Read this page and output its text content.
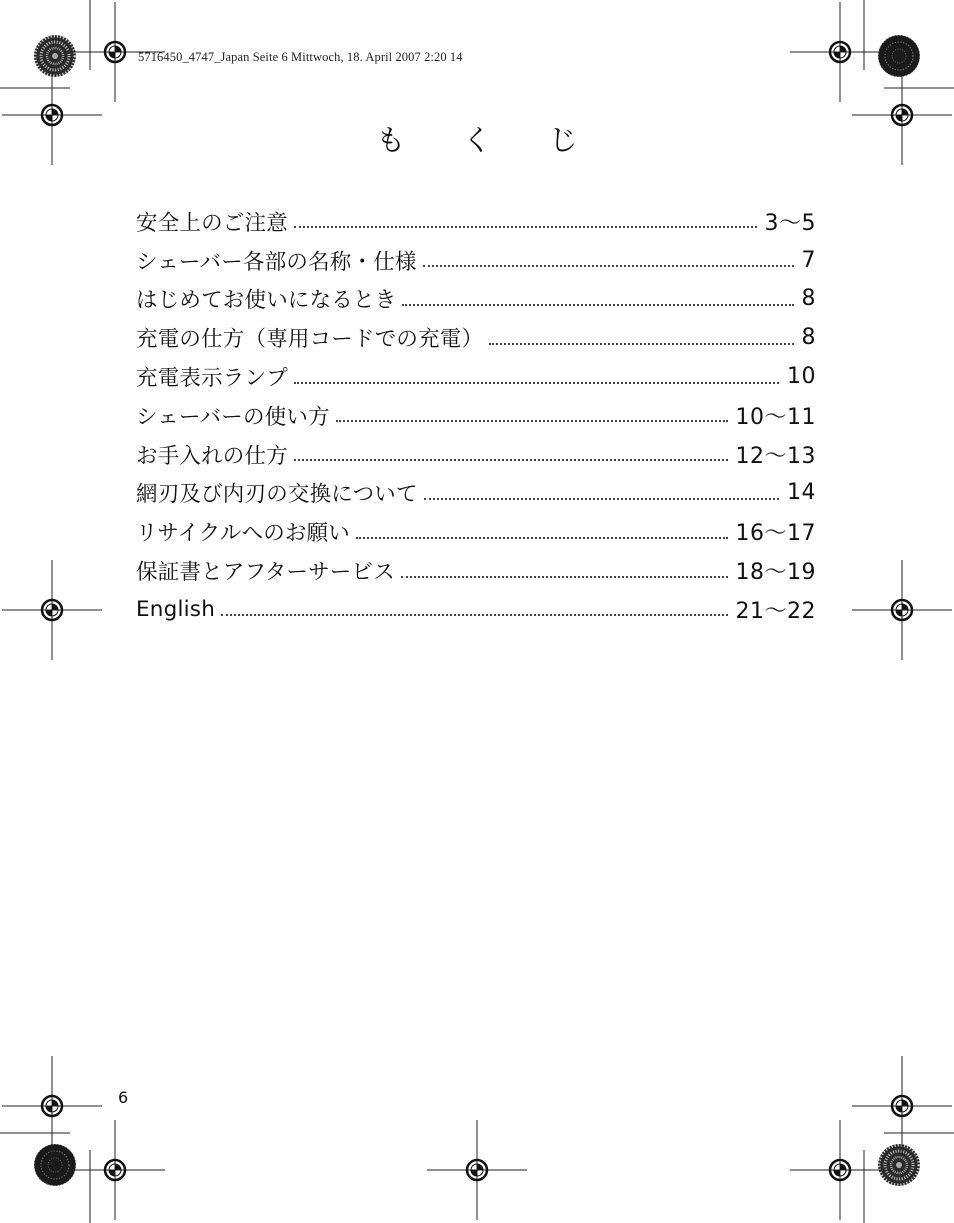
5716450_4747_Japan Seite 6 Mittwoch, 18. April 2007 2:20 14
も く じ
安全上のご注意	3〜5
シェーバー各部の名称・仕様	7
はじめてお使いになるとき	8
充電の仕方（専用コードでの充電）	8
充電表示ランプ	10
シェーバーの使い方	10〜11
お手入れの仕方	12〜13
網刃及び内刃の交換について	14
リサイクルへのお願い	16〜17
保証書とアフターサービス	18〜19
English	21〜22
6
